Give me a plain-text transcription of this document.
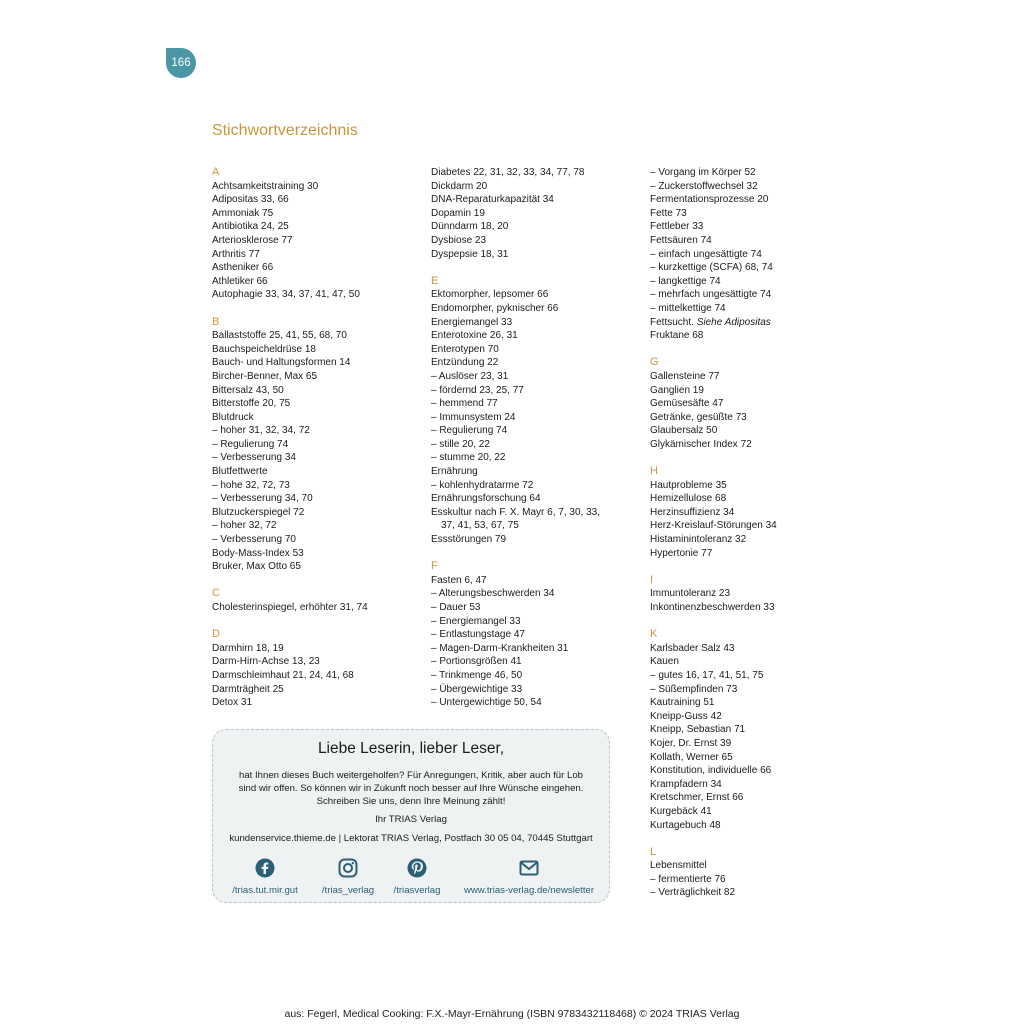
166
Stichwortverzeichnis
A
Achtsamkeitstraining 30
Adipositas 33, 66
Ammoniak 75
Antibiotika 24, 25
Arteriosklerose 77
Arthritis 77
Astheniker 66
Athletiker 66
Autophagie 33, 34, 37, 41, 47, 50
B
Ballaststoffe 25, 41, 55, 68, 70
Bauchspeicheldrüse 18
Bauch- und Haltungsformen 14
Bircher-Benner, Max 65
Bittersalz 43, 50
Bitterstoffe 20, 75
Blutdruck
– hoher 31, 32, 34, 72
– Regulierung 74
– Verbesserung 34
Blutfettwerte
– hohe 32, 72, 73
– Verbesserung 34, 70
Blutzuckerspiegel 72
– hoher 32, 72
– Verbesserung 70
Body-Mass-Index 53
Bruker, Max Otto 65
C
Cholesterinspiegel, erhöhter 31, 74
D
Darmhirn 18, 19
Darm-Hirn-Achse 13, 23
Darmschleimhaut 21, 24, 41, 68
Darmträgheit 25
Detox 31
Diabetes 22, 31, 32, 33, 34, 77, 78
Dickdarm 20
DNA-Reparaturkapazität 34
Dopamin 19
Dünndarm 18, 20
Dysbiose 23
Dyspepsie 18, 31
E
Ektomorpher, lepsomer 66
Endomorpher, pyknischer 66
Energiemangel 33
Enterotoxine 26, 31
Enterotypen 70
Entzündung 22
– Auslöser 23, 31
– fördernd 23, 25, 77
– hemmend 77
– Immunsystem 24
– Regulierung 74
– stille 20, 22
– stumme 20, 22
Ernährung
– kohlenhydratarme 72
Ernährungsforschung 64
Esskultur nach F. X. Mayr 6, 7, 30, 33,
37, 41, 53, 67, 75
Essstörungen 79
F
Fasten 6, 47
– Alterungsbeschwerden 34
– Dauer 53
– Energiemangel 33
– Entlastungstage 47
– Magen-Darm-Krankheiten 31
– Portionsgrößen 41
– Trinkmenge 46, 50
– Übergewichtige 33
– Untergewichtige 50, 54
– Vorgang im Körper 52
– Zuckerstoffwechsel 32
Fermentationsprozesse 20
Fette 73
Fettleber 33
Fettsäuren 74
– einfach ungesättigte 74
– kurzkettige (SCFA) 68, 74
– langkettige 74
– mehrfach ungesättigte 74
– mittelkettige 74
Fettsucht. Siehe Adipositas
Fruktane 68
G
Gallensteine 77
Ganglien 19
Gemüsesäfte 47
Getränke, gesüßte 73
Glaubersalz 50
Glykämischer Index 72
H
Hautprobleme 35
Hemizellulose 68
Herzinsuffizienz 34
Herz-Kreislauf-Störungen 34
Histaminintoleranz 32
Hypertonie 77
I
Immuntoleranz 23
Inkontinenzbeschwerden 33
K
Karlsbader Salz 43
Kauen
– gutes 16, 17, 41, 51, 75
– Süßempfinden 73
Kautraining 51
Kneipp-Guss 42
Kneipp, Sebastian 71
Kojer, Dr. Ernst 39
Kollath, Werner 65
Konstitution, individuelle 66
Krampfadern 34
Kretschmer, Ernst 66
Kurgebäck 41
Kurtagebuch 48
L
Lebensmittel
– fermentierte 76
– Verträglichkeit 82
Liebe Leserin, lieber Leser,
hat Ihnen dieses Buch weitergeholfen? Für Anregungen, Kritik, aber auch für Lob
sind wir offen. So können wir in Zukunft noch besser auf Ihre Wünsche eingehen.
Schreiben Sie uns, denn Ihre Meinung zählt!
Ihr TRIAS Verlag
kundenservice.thieme.de | Lektorat TRIAS Verlag, Postfach 30 05 04, 70445 Stuttgart
/trias.tut.mir.gut	/trias_verlag	/triasverlag	www.trias-verlag.de/newsletter
aus: Fegerl, Medical Cooking: F.X.-Mayr-Ernährung (ISBN 9783432118468) © 2024 TRIAS Verlag
